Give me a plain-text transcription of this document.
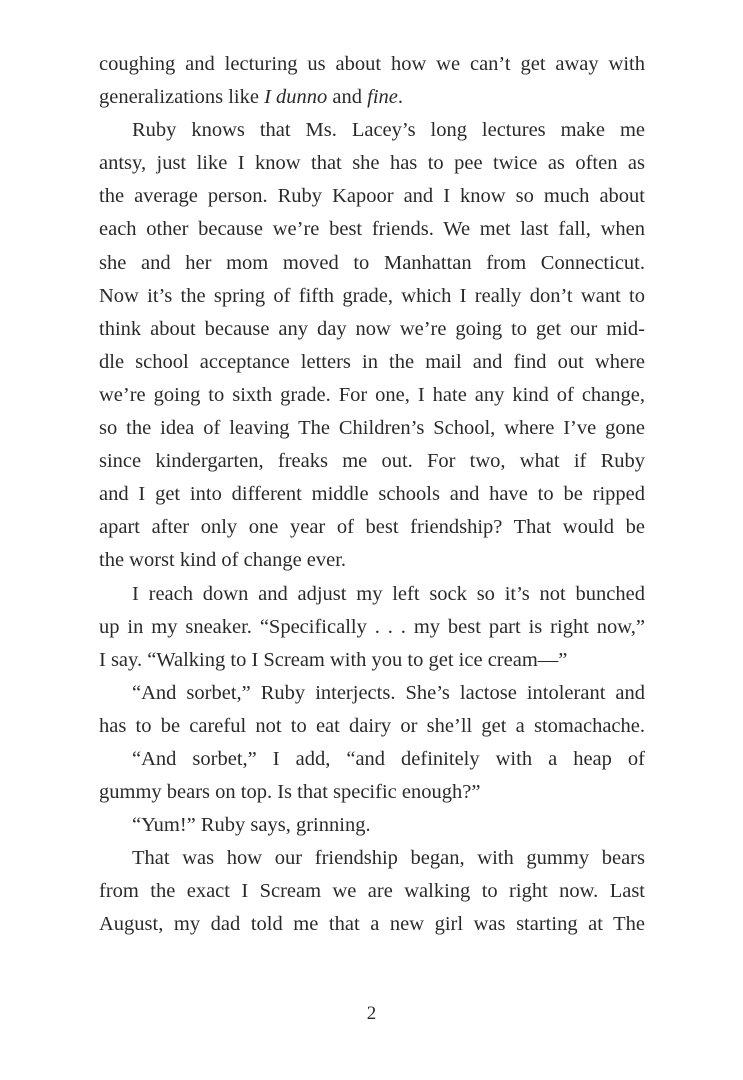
coughing and lecturing us about how we can’t get away with
generalizations like I dunno and fine.
Ruby knows that Ms. Lacey’s long lectures make me
antsy, just like I know that she has to pee twice as often as
the average person. Ruby Kapoor and I know so much about
each other because we’re best friends. We met last fall, when
she and her mom moved to Manhattan from Connecticut.
Now it’s the spring of fifth grade, which I really don’t want to
think about because any day now we’re going to get our mid-
dle school acceptance letters in the mail and find out where
we’re going to sixth grade. For one, I hate any kind of change,
so the idea of leaving The Children’s School, where I’ve gone
since kindergarten, freaks me out. For two, what if Ruby
and I get into different middle schools and have to be ripped
apart after only one year of best friendship? That would be
the worst kind of change ever.
I reach down and adjust my left sock so it’s not bunched
up in my sneaker. “Specifically . . . my best part is right now,”
I say. “Walking to I Scream with you to get ice cream—”
“And sorbet,” Ruby interjects. She’s lactose intolerant and
has to be careful not to eat dairy or she’ll get a stomachache.
“And sorbet,” I add, “and definitely with a heap of
gummy bears on top. Is that specific enough?”
“Yum!” Ruby says, grinning.
That was how our friendship began, with gummy bears
from the exact I Scream we are walking to right now. Last
August, my dad told me that a new girl was starting at The
2
